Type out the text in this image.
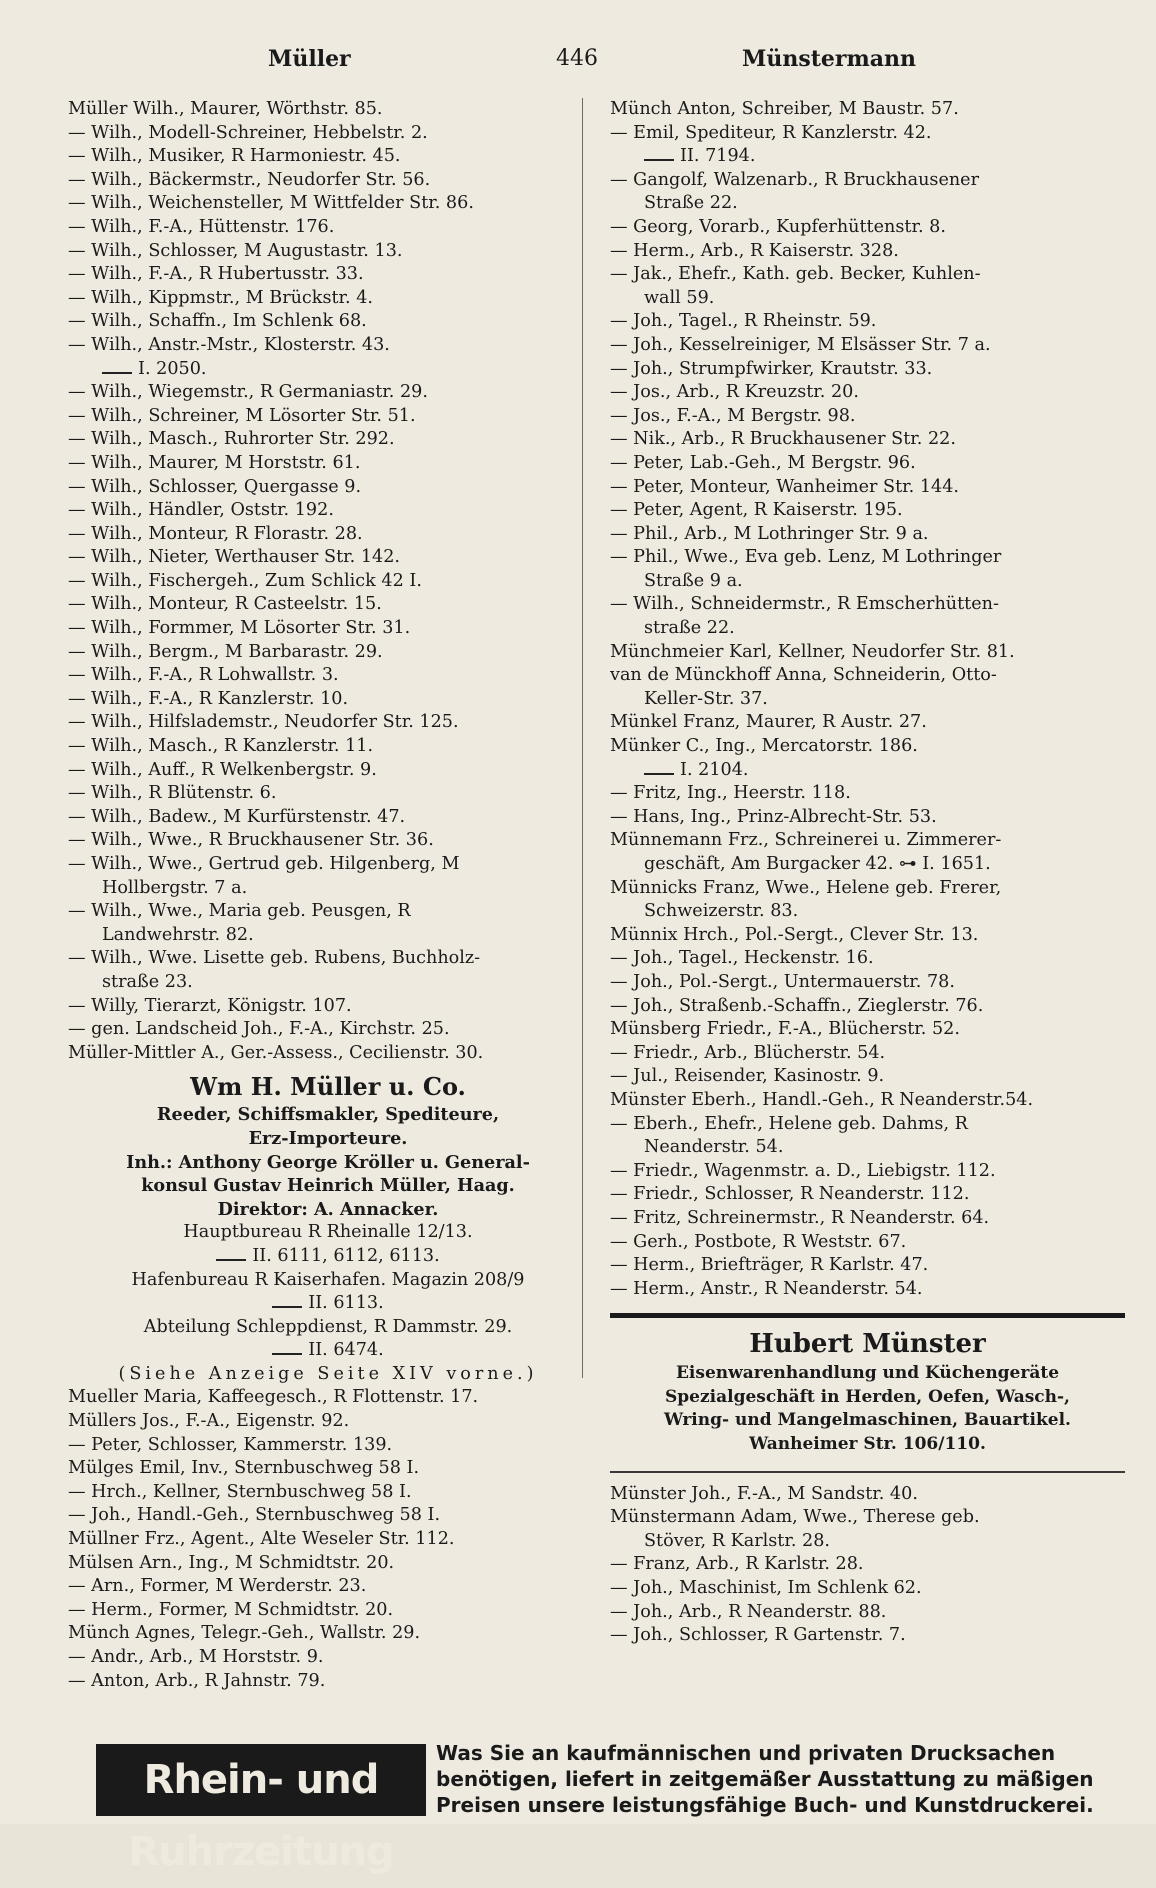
Müller	446	Münstermann
Müller Wilh., Maurer, Wörthstr. 85.
— Wilh., Modell-Schreiner, Hebbelstr. 2.
— Wilh., Musiker, R Harmoniestr. 45.
— Wilh., Bäckermstr., Neudorfer Str. 56.
— Wilh., Weichensteller, M Wittfelder Str. 86.
— Wilh., F.-A., Hüttenstr. 176.
— Wilh., Schlosser, M Augustastr. 13.
— Wilh., F.-A., R Hubertusstr. 33.
— Wilh., Kippmstr., M Brückstr. 4.
— Wilh., Schaffn., Im Schlenk 68.
— Wilh., Anstr.-Mstr., Klosterstr. 43.
I. 2050.
— Wilh., Wiegemstr., R Germaniastr. 29.
— Wilh., Schreiner, M Lösorter Str. 51.
— Wilh., Masch., Ruhrorter Str. 292.
— Wilh., Maurer, M Horststr. 61.
— Wilh., Schlosser, Quergasse 9.
— Wilh., Händler, Oststr. 192.
— Wilh., Monteur, R Florastr. 28.
— Wilh., Nieter, Werthauser Str. 142.
— Wilh., Fischergeh., Zum Schlick 42 I.
— Wilh., Monteur, R Casteelstr. 15.
— Wilh., Formmer, M Lösorter Str. 31.
— Wilh., Bergm., M Barbarastr. 29.
— Wilh., F.-A., R Lohwallstr. 3.
— Wilh., F.-A., R Kanzlerstr. 10.
— Wilh., Hilfslademstr., Neudorfer Str. 125.
— Wilh., Masch., R Kanzlerstr. 11.
— Wilh., Auff., R Welkenbergstr. 9.
— Wilh., R Blütenstr. 6.
— Wilh., Badew., M Kurfürstenstr. 47.
— Wilh., Wwe., R Bruckhausener Str. 36.
— Wilh., Wwe., Gertrud geb. Hilgenberg, M
Hollbergstr. 7 a.
— Wilh., Wwe., Maria geb. Peusgen, R
Landwehrstr. 82.
— Wilh., Wwe. Lisette geb. Rubens, Buchholz-
straße 23.
— Willy, Tierarzt, Königstr. 107.
— gen. Landscheid Joh., F.-A., Kirchstr. 25.
Müller-Mittler A., Ger.-Assess., Cecilienstr. 30.
Wm H. Müller u. Co.
Reeder, Schiffsmakler, Spediteure,
Erz-Importeure.
Inh.: Anthony George Kröller u. General-
konsul Gustav Heinrich Müller, Haag.
Direktor: A. Annacker.
Hauptbureau R Rheinalle 12/13.
II. 6111, 6112, 6113.
Hafenbureau R Kaiserhafen. Magazin 208/9
II. 6113.
Abteilung Schleppdienst, R Dammstr. 29.
II. 6474.
(Siehe Anzeige Seite XIV vorne.)
Mueller Maria, Kaffeegesch., R Flottenstr. 17.
Müllers Jos., F.-A., Eigenstr. 92.
— Peter, Schlosser, Kammerstr. 139.
Mülges Emil, Inv., Sternbuschweg 58 I.
— Hrch., Kellner, Sternbuschweg 58 I.
— Joh., Handl.-Geh., Sternbuschweg 58 I.
Müllner Frz., Agent., Alte Weseler Str. 112.
Mülsen Arn., Ing., M Schmidtstr. 20.
— Arn., Former, M Werderstr. 23.
— Herm., Former, M Schmidtstr. 20.
Münch Agnes, Telegr.-Geh., Wallstr. 29.
— Andr., Arb., M Horststr. 9.
— Anton, Arb., R Jahnstr. 79.
Münch Anton, Schreiber, M Baustr. 57.
— Emil, Spediteur, R Kanzlerstr. 42.
II. 7194.
— Gangolf, Walzenarb., R Bruckhausener
Straße 22.
— Georg, Vorarb., Kupferhüttenstr. 8.
— Herm., Arb., R Kaiserstr. 328.
— Jak., Ehefr., Kath. geb. Becker, Kuhlen-
wall 59.
— Joh., Tagel., R Rheinstr. 59.
— Joh., Kesselreiniger, M Elsässer Str. 7 a.
— Joh., Strumpfwirker, Krautstr. 33.
— Jos., Arb., R Kreuzstr. 20.
— Jos., F.-A., M Bergstr. 98.
— Nik., Arb., R Bruckhausener Str. 22.
— Peter, Lab.-Geh., M Bergstr. 96.
— Peter, Monteur, Wanheimer Str. 144.
— Peter, Agent, R Kaiserstr. 195.
— Phil., Arb., M Lothringer Str. 9 a.
— Phil., Wwe., Eva geb. Lenz, M Lothringer
Straße 9 a.
— Wilh., Schneidermstr., R Emscherhütten-
straße 22.
Münchmeier Karl, Kellner, Neudorfer Str. 81.
van de Münckhoff Anna, Schneiderin, Otto-
Keller-Str. 37.
Münkel Franz, Maurer, R Austr. 27.
Münker C., Ing., Mercatorstr. 186.
I. 2104.
— Fritz, Ing., Heerstr. 118.
— Hans, Ing., Prinz-Albrecht-Str. 53.
Münnemann Frz., Schreinerei u. Zimmerer-
geschäft, Am Burgacker 42. ⊶ I. 1651.
Münnicks Franz, Wwe., Helene geb. Frerer,
Schweizerstr. 83.
Münnix Hrch., Pol.-Sergt., Clever Str. 13.
— Joh., Tagel., Heckenstr. 16.
— Joh., Pol.-Sergt., Untermauerstr. 78.
— Joh., Straßenb.-Schaffn., Zieglerstr. 76.
Münsberg Friedr., F.-A., Blücherstr. 52.
— Friedr., Arb., Blücherstr. 54.
— Jul., Reisender, Kasinostr. 9.
Münster Eberh., Handl.-Geh., R Neanderstr.54.
— Eberh., Ehefr., Helene geb. Dahms, R
Neanderstr. 54.
— Friedr., Wagenmstr. a. D., Liebigstr. 112.
— Friedr., Schlosser, R Neanderstr. 112.
— Fritz, Schreinermstr., R Neanderstr. 64.
— Gerh., Postbote, R Weststr. 67.
— Herm., Briefträger, R Karlstr. 47.
— Herm., Anstr., R Neanderstr. 54.
Hubert Münster
Eisenwarenhandlung und Küchengeräte
Spezialgeschäft in Herden, Oefen, Wasch-,
Wring- und Mangelmaschinen, Bauartikel.
Wanheimer Str. 106/110.
Münster Joh., F.-A., M Sandstr. 40.
Münstermann Adam, Wwe., Therese geb.
Stöver, R Karlstr. 28.
— Franz, Arb., R Karlstr. 28.
— Joh., Maschinist, Im Schlenk 62.
— Joh., Arb., R Neanderstr. 88.
— Joh., Schlosser, R Gartenstr. 7.
Rhein- und Ruhrzeitung
Was Sie an kaufmännischen und privaten Drucksachen
benötigen, liefert in zeitgemäßer Ausstattung zu mäßigen
Preisen unsere leistungsfähige Buch- und Kunstdruckerei.
